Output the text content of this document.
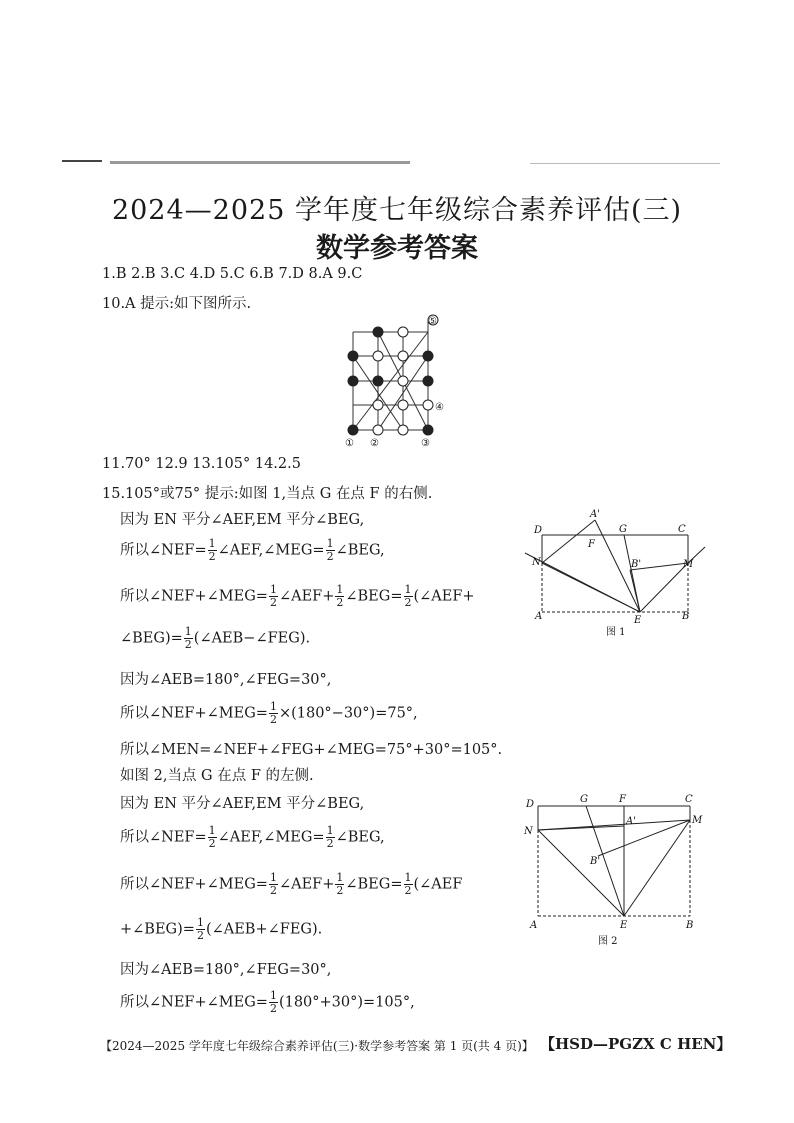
2024—2025 学年度七年级综合素养评估(三)
数学参考答案
1.B 2.B 3.C 4.D 5.C 6.B 7.D 8.A 9.C
10.A 提示:如下图所示.
① ②	③
④
⑤
11.70° 12.9 13.105° 14.2.5
15.105°或75° 提示:如图 1,当点 G 在点 F 的右侧.
因为 EN 平分∠AEF,EM 平分∠BEG,
所以∠NEF= $\frac{1}{2}$ ∠AEF,∠MEG= $\frac{1}{2}$ ∠BEG,
所以∠NEF+∠MEG= $\frac{1}{2}$ ∠AEF+ $\frac{1}{2}$ ∠BEG= $\frac{1}{2}$ (∠AEF+
∠BEG)= $\frac{1}{2}$ (∠AEB−∠FEG).
因为∠AEB=180°,∠FEG=30°,
所以∠NEF+∠MEG= $\frac{1}{2} \times(180^\circ-30^\circ)=75^\circ$,
所以∠MEN=∠NEF+∠FEG+∠MEG=75°+30°=105°.
D
A'
G	C
F
N	B'	M
A	E	B
图 1
如图 2,当点 G 在点 F 的左侧.
因为 EN 平分∠AEF,EM 平分∠BEG,
所以∠NEF= $\frac{1}{2}$ ∠AEF,∠MEG= $\frac{1}{2}$ ∠BEG,
所以∠NEF+∠MEG= $\frac{1}{2}$ ∠AEF+ $\frac{1}{2}$ ∠BEG= $\frac{1}{2}$ (∠AEF
+∠BEG)= $\frac{1}{2}$ (∠AEB+∠FEG).
因为∠AEB=180°,∠FEG=30°,
所以∠NEF+∠MEG= $\frac{1}{2} (180^\circ+30^\circ)=105^\circ$,
D	G	F	C
A'
N
M
B'
A	E	B
图 2
【2024—2025 学年度七年级综合素养评估(三)·数学参考答案 第 1 页(共 4 页)】 【HSD—PGZX C HEN】
